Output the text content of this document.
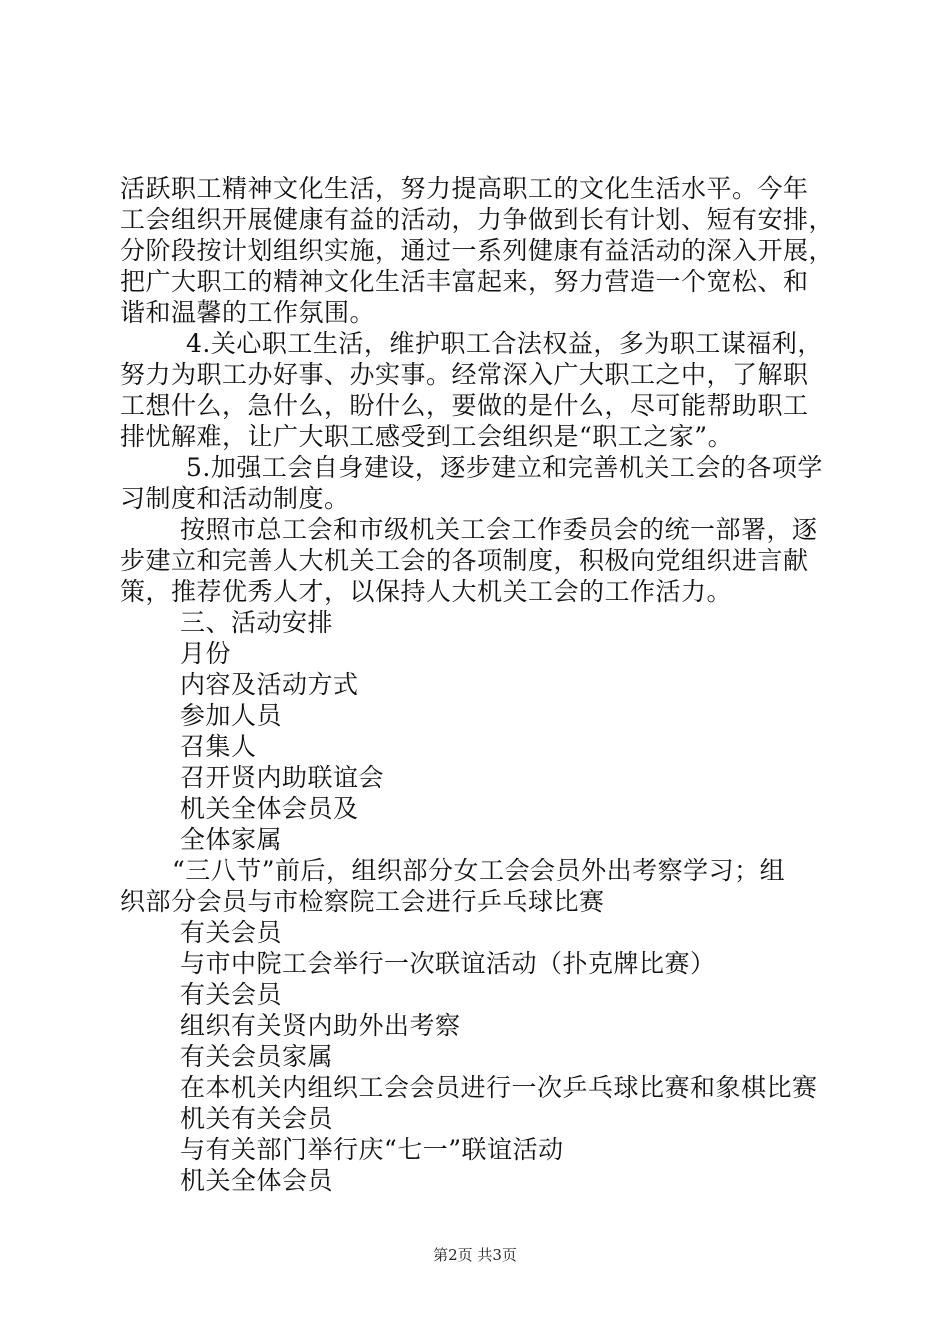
活跃职工精神文化生活，努力提高职工的文化生活水平。今年
工会组织开展健康有益的活动，力争做到长有计划、短有安排，
分阶段按计划组织实施，通过一系列健康有益活动的深入开展，
把广大职工的精神文化生活丰富起来，努力营造一个宽松、和
谐和温馨的工作氛围。
4.关心职工生活，维护职工合法权益，多为职工谋福利，
努力为职工办好事、办实事。经常深入广大职工之中，了解职
工想什么，急什么，盼什么，要做的是什么，尽可能帮助职工
排忧解难，让广大职工感受到工会组织是“职工之家”。
5.加强工会自身建设，逐步建立和完善机关工会的各项学
习制度和活动制度。
按照市总工会和市级机关工会工作委员会的统一部署，逐
步建立和完善人大机关工会的各项制度，积极向党组织进言献
策，推荐优秀人才，以保持人大机关工会的工作活力。
三、活动安排
月份
内容及活动方式
参加人员
召集人
召开贤内助联谊会
机关全体会员及
全体家属
“三八节”前后，组织部分女工会会员外出考察学习；组
织部分会员与市检察院工会进行乒乓球比赛
有关会员
与市中院工会举行一次联谊活动（扑克牌比赛）
有关会员
组织有关贤内助外出考察
有关会员家属
在本机关内组织工会会员进行一次乒乓球比赛和象棋比赛
机关有关会员
与有关部门举行庆“七一”联谊活动
机关全体会员
第2页 共3页
